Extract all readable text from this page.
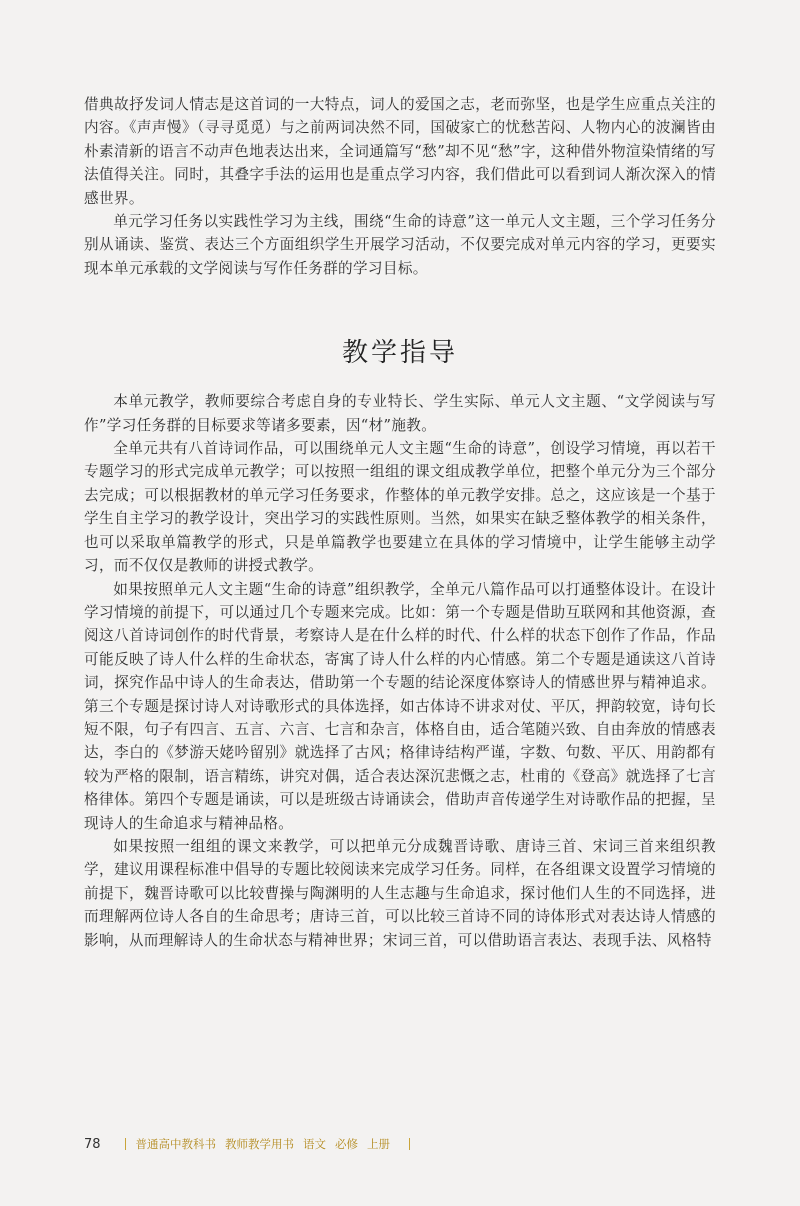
借典故抒发词人情志是这首词的一大特点，词人的爱国之志，老而弥坚，也是学生应重点关注的内容。《声声慢》（寻寻觅觅）与之前两词决然不同，国破家亡的忧愁苦闷、人物内心的波澜皆由朴素清新的语言不动声色地表达出来，全词通篇写“愁”却不见“愁”字，这种借外物渲染情绪的写法值得关注。同时，其叠字手法的运用也是重点学习内容，我们借此可以看到词人渐次深入的情感世界。

单元学习任务以实践性学习为主线，围绕“生命的诗意”这一单元人文主题，三个学习任务分别从诵读、鉴赏、表达三个方面组织学生开展学习活动，不仅要完成对单元内容的学习，更要实现本单元承载的文学阅读与写作任务群的学习目标。

教学指导

本单元教学，教师要综合考虑自身的专业特长、学生实际、单元人文主题、“文学阅读与写作”学习任务群的目标要求等诸多要素，因“材”施教。

全单元共有八首诗词作品，可以围绕单元人文主题“生命的诗意”，创设学习情境，再以若干专题学习的形式完成单元教学；可以按照一组组的课文组成教学单位，把整个单元分为三个部分去完成；可以根据教材的单元学习任务要求，作整体的单元教学安排。总之，这应该是一个基于学生自主学习的教学设计，突出学习的实践性原则。当然，如果实在缺乏整体教学的相关条件，也可以采取单篇教学的形式，只是单篇教学也要建立在具体的学习情境中，让学生能够主动学习，而不仅仅是教师的讲授式教学。

如果按照单元人文主题“生命的诗意”组织教学，全单元八篇作品可以打通整体设计。在设计学习情境的前提下，可以通过几个专题来完成。比如：第一个专题是借助互联网和其他资源，查阅这八首诗词创作的时代背景，考察诗人是在什么样的时代、什么样的状态下创作了作品，作品可能反映了诗人什么样的生命状态，寄寓了诗人什么样的内心情感。第二个专题是通读这八首诗词，探究作品中诗人的生命表达，借助第一个专题的结论深度体察诗人的情感世界与精神追求。第三个专题是探讨诗人对诗歌形式的具体选择，如古体诗不讲求对仗、平仄，押韵较宽，诗句长短不限，句子有四言、五言、六言、七言和杂言，体格自由，适合笔随兴致、自由奔放的情感表达，李白的《梦游天姥吟留别》就选择了古风；格律诗结构严谨，字数、句数、平仄、用韵都有较为严格的限制，语言精练，讲究对偶，适合表达深沉悲慨之志，杜甫的《登高》就选择了七言格律体。第四个专题是诵读，可以是班级古诗诵读会，借助声音传递学生对诗歌作品的把握，呈现诗人的生命追求与精神品格。

如果按照一组组的课文来教学，可以把单元分成魏晋诗歌、唐诗三首、宋词三首来组织教学，建议用课程标准中倡导的专题比较阅读来完成学习任务。同样，在各组课文设置学习情境的前提下，魏晋诗歌可以比较曹操与陶渊明的人生志趣与生命追求，探讨他们人生的不同选择，进而理解两位诗人各自的生命思考；唐诗三首，可以比较三首诗不同的诗体形式对表达诗人情感的影响，从而理解诗人的生命状态与精神世界；宋词三首，可以借助语言表达、表现手法、风格特

78	普通高中教科书 教师教学用书 语文 必修 上册
